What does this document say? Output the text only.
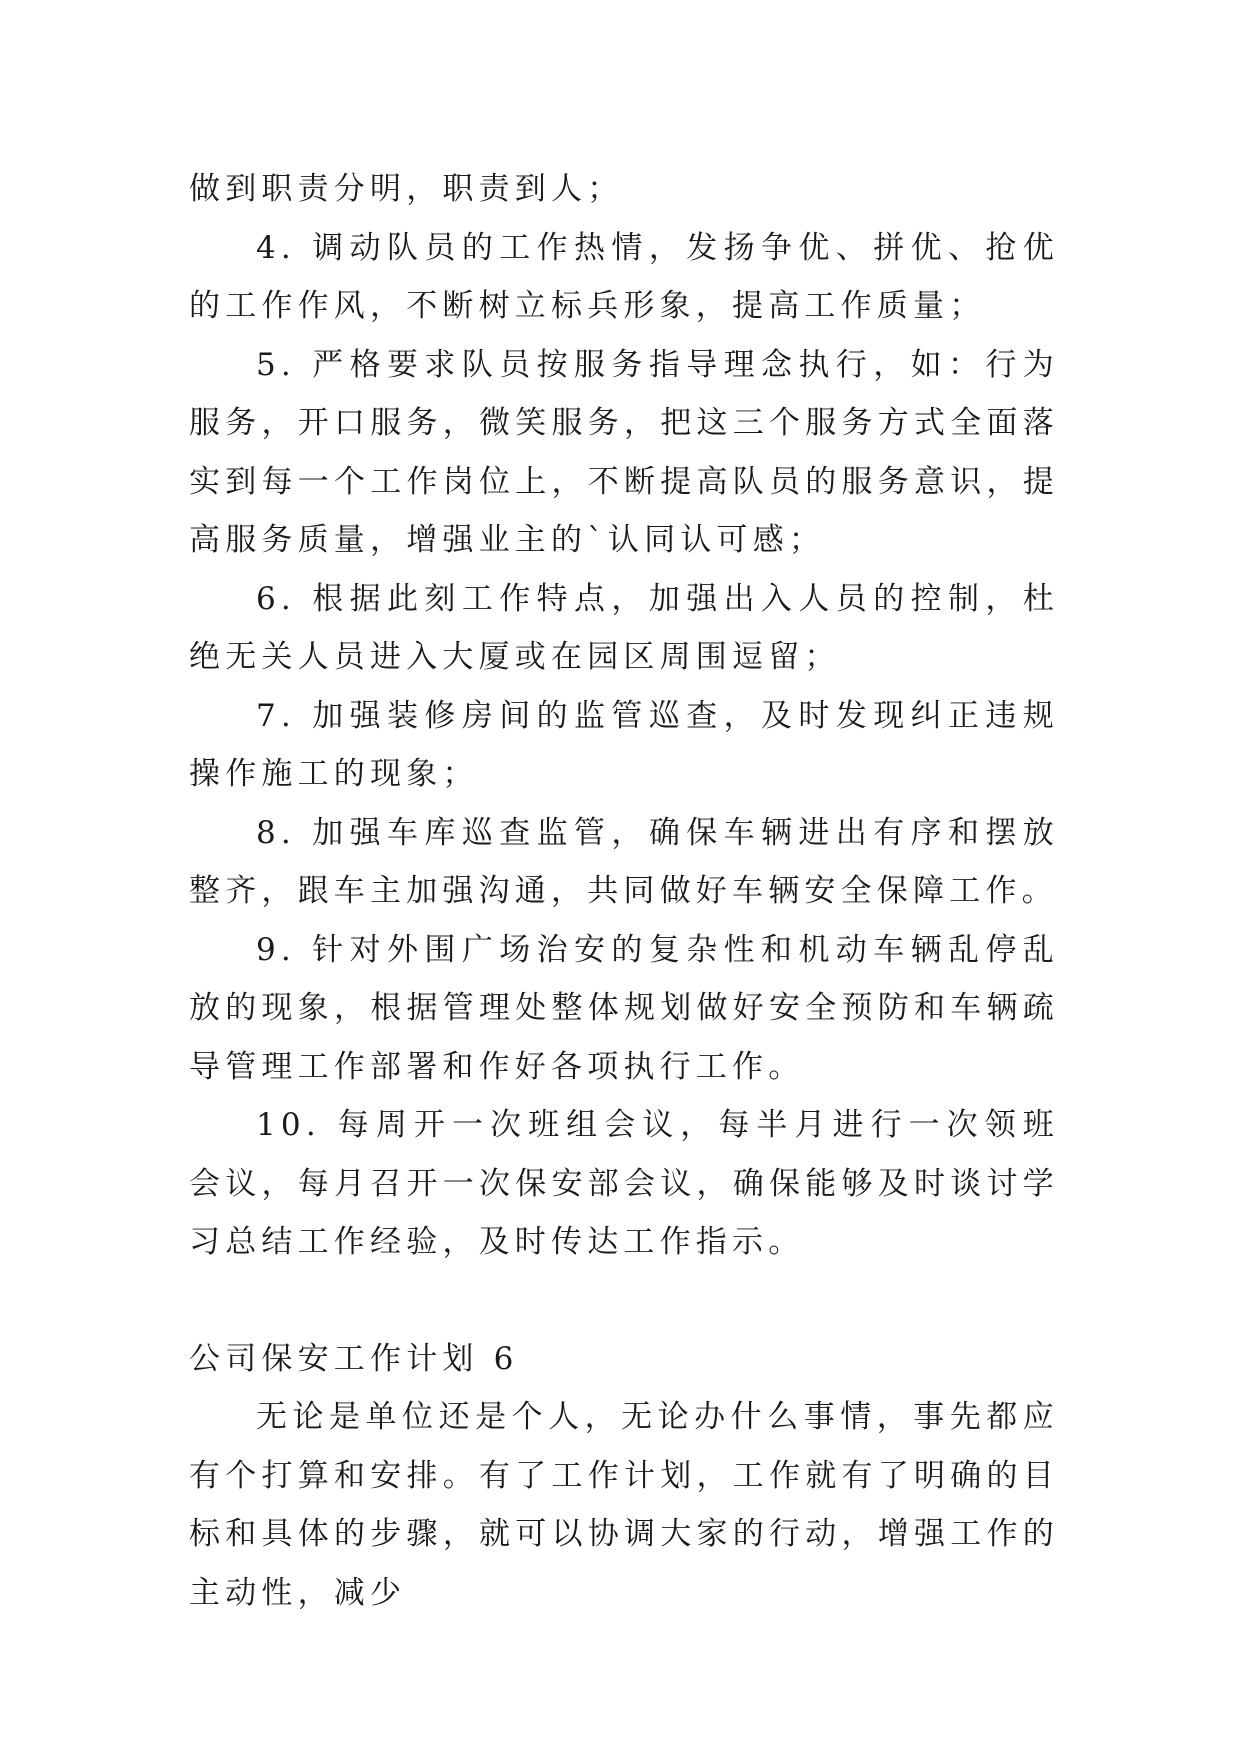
做到职责分明，职责到人；

4. 调动队员的工作热情，发扬争优、拼优、抢优的工作作风，不断树立标兵形象，提高工作质量；

5. 严格要求队员按服务指导理念执行，如：行为服务，开口服务，微笑服务，把这三个服务方式全面落实到每一个工作岗位上，不断提高队员的服务意识，提高服务质量，增强业主的`认同认可感；

6. 根据此刻工作特点，加强出入人员的控制，杜绝无关人员进入大厦或在园区周围逗留；

7. 加强装修房间的监管巡查，及时发现纠正违规操作施工的现象；

8. 加强车库巡查监管，确保车辆进出有序和摆放整齐，跟车主加强沟通，共同做好车辆安全保障工作。

9. 针对外围广场治安的复杂性和机动车辆乱停乱放的现象，根据管理处整体规划做好安全预防和车辆疏导管理工作部署和作好各项执行工作。

10. 每周开一次班组会议，每半月进行一次领班会议，每月召开一次保安部会议，确保能够及时谈讨学习总结工作经验，及时传达工作指示。

公司保安工作计划 6

无论是单位还是个人，无论办什么事情，事先都应有个打算和安排。有了工作计划，工作就有了明确的目标和具体的步骤，就可以协调大家的行动，增强工作的主动性，减少
